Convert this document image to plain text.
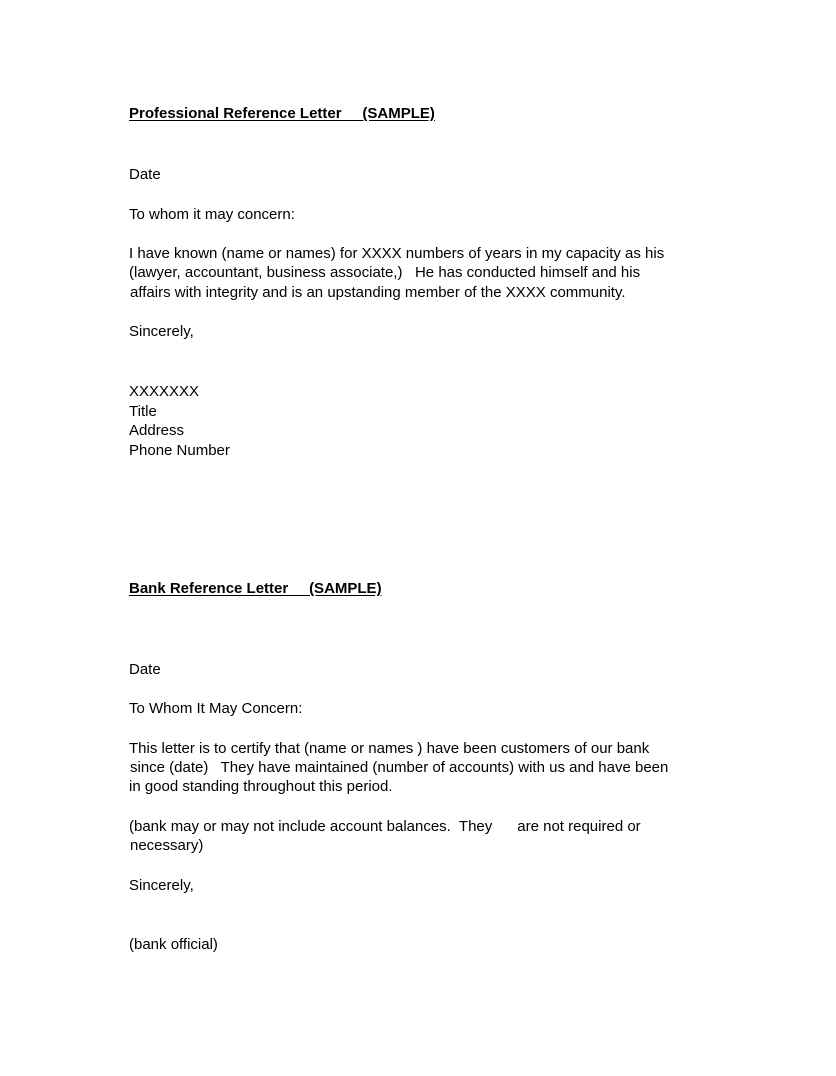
Professional Reference Letter     (SAMPLE)
Date
To whom it may concern:
I have known (name or names) for XXXX numbers of years in my capacity as his
(lawyer, accountant, business associate,)   He has conducted himself and his
affairs with integrity and is an upstanding member of the XXXX community.
Sincerely,
XXXXXXX
Title
Address
Phone Number
Bank Reference Letter     (SAMPLE)
Date
To Whom It May Concern:
This letter is to certify that (name or names ) have been customers of our bank
since (date)   They have maintained (number of accounts) with us and have been
in good standing throughout this period.
(bank may or may not include account balances.  They      are not required or
necessary)
Sincerely,
(bank official)
